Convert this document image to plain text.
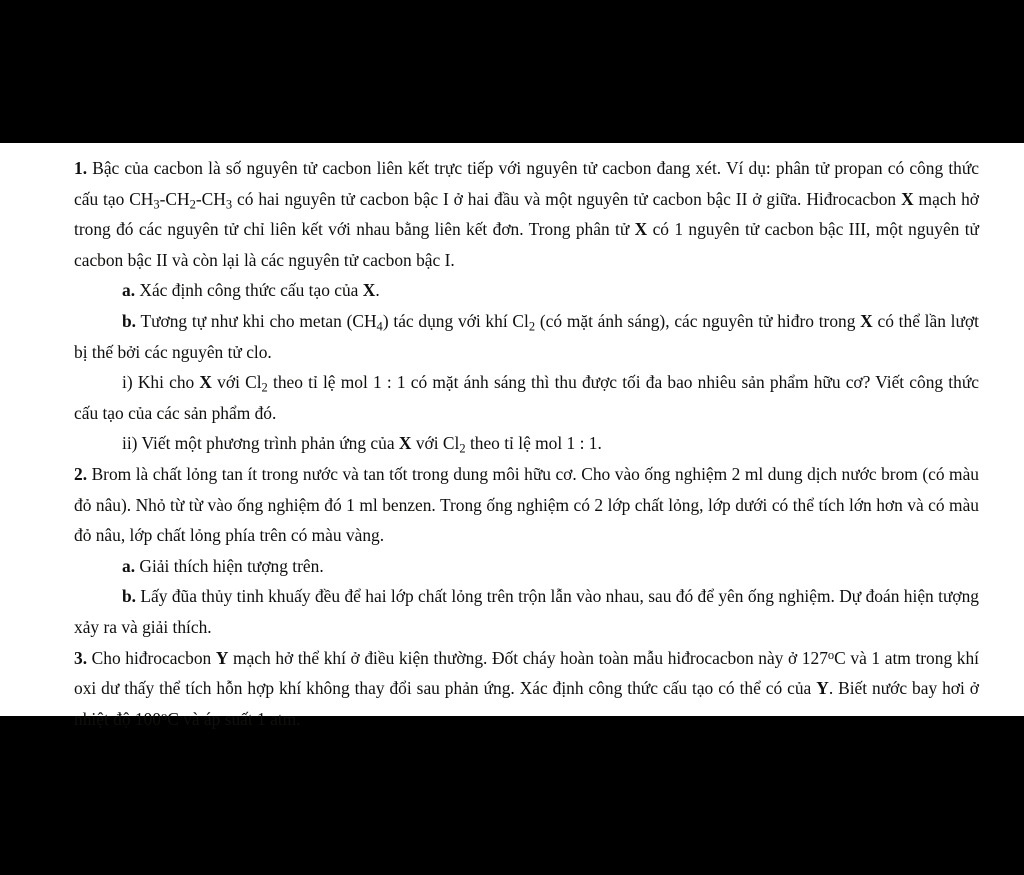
1. Bậc của cacbon là số nguyên tử cacbon liên kết trực tiếp với nguyên tử cacbon đang xét. Ví dụ: phân tử propan có công thức cấu tạo $CH_3-CH_2-CH_3$ có hai nguyên tử cacbon bậc I ở hai đầu và một nguyên tử cacbon bậc II ở giữa. Hiđrocacbon X mạch hở trong đó các nguyên tử chỉ liên kết với nhau bằng liên kết đơn. Trong phân tử X có 1 nguyên tử cacbon bậc III, một nguyên tử cacbon bậc II và còn lại là các nguyên tử cacbon bậc I.
a. Xác định công thức cấu tạo của X.
b. Tương tự như khi cho metan $(CH_4)$ tác dụng với khí $Cl_2$ (có mặt ánh sáng), các nguyên tử hiđro trong X có thể lần lượt bị thế bởi các nguyên tử clo.
i) Khi cho X với $Cl_2$ theo tỉ lệ mol 1 : 1 có mặt ánh sáng thì thu được tối đa bao nhiêu sản phẩm hữu cơ? Viết công thức cấu tạo của các sản phẩm đó.
ii) Viết một phương trình phản ứng của X với $Cl_2$ theo tỉ lệ mol 1 : 1.
2. Brom là chất lỏng tan ít trong nước và tan tốt trong dung môi hữu cơ. Cho vào ống nghiệm 2 ml dung dịch nước brom (có màu đỏ nâu). Nhỏ từ từ vào ống nghiệm đó 1 ml benzen. Trong ống nghiệm có 2 lớp chất lỏng, lớp dưới có thể tích lớn hơn và có màu đỏ nâu, lớp chất lỏng phía trên có màu vàng.
a. Giải thích hiện tượng trên.
b. Lấy đũa thủy tinh khuấy đều để hai lớp chất lỏng trên trộn lẫn vào nhau, sau đó để yên ống nghiệm. Dự đoán hiện tượng xảy ra và giải thích.
3. Cho hiđrocacbon Y mạch hở thể khí ở điều kiện thường. Đốt cháy hoàn toàn mẫu hiđrocacbon này ở 127$^o$C và 1 atm trong khí oxi dư thấy thể tích hỗn hợp khí không thay đổi sau phản ứng. Xác định công thức cấu tạo có thể có của Y. Biết nước bay hơi ở nhiệt độ 100$^o$C và áp suất 1 atm.
